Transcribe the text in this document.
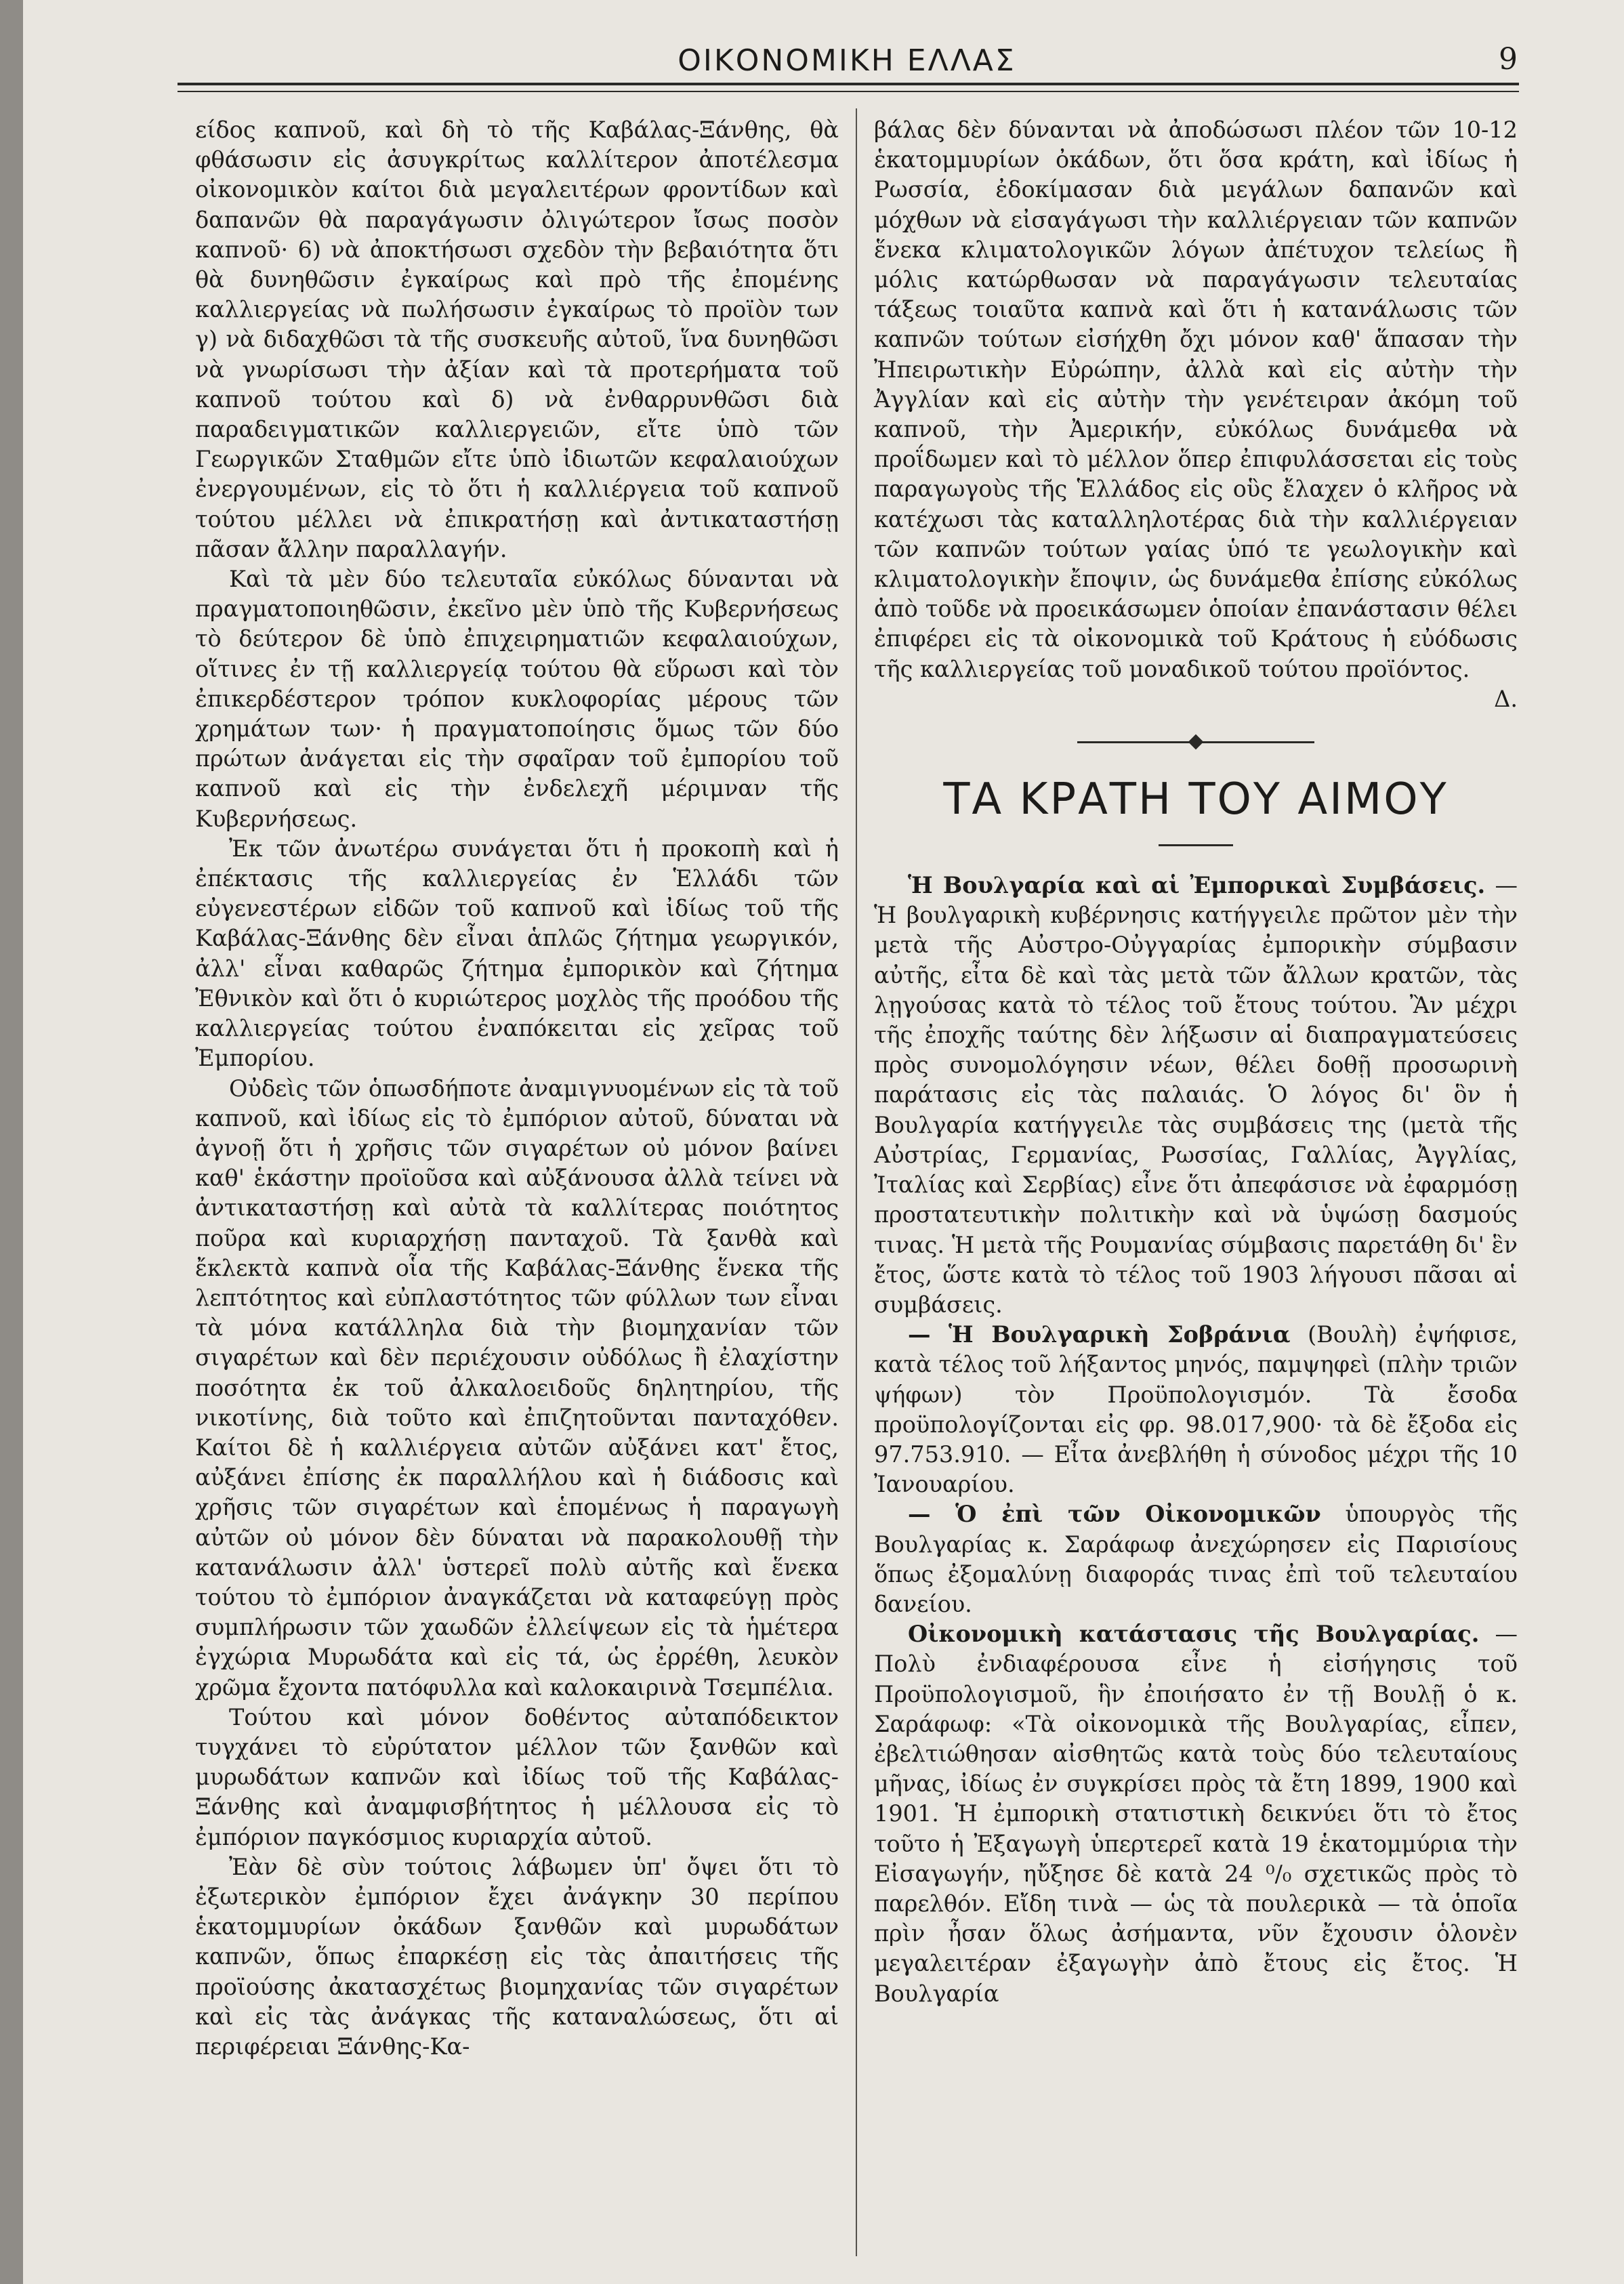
ΟΙΚΟΝΟΜΙΚΗ ΕΛΛΑΣ	9

είδος καπνοῦ, καὶ δὴ τὸ τῆς Καβάλας-Ξάνθης, θὰ φθάσωσιν εἰς ἀσυγκρίτως καλλίτερον ἀποτέλεσμα οἰκονομικὸν καίτοι διὰ μεγαλειτέρων φροντίδων καὶ δαπανῶν θὰ παραγάγωσιν ὀλιγώτερον ἴσως ποσὸν καπνοῦ· 6) νὰ ἀποκτήσωσι σχεδὸν τὴν βεβαιότητα ὅτι θὰ δυνηθῶσιν ἐγκαίρως καὶ πρὸ τῆς ἐπομένης καλλιεργείας νὰ πωλήσωσιν ἐγκαίρως τὸ προϊὸν των γ) νὰ διδαχθῶσι τὰ τῆς συσκευῆς αὐτοῦ, ἵνα δυνηθῶσι νὰ γνωρίσωσι τὴν ἀξίαν καὶ τὰ προτερήματα τοῦ καπνοῦ τούτου καὶ δ) νὰ ἐνθαρρυνθῶσι διὰ παραδειγματικῶν καλλιεργειῶν, εἴτε ὑπὸ τῶν Γεωργικῶν Σταθμῶν εἴτε ὑπὸ ἰδιωτῶν κεφαλαιούχων ἐνεργουμένων, εἰς τὸ ὅτι ἡ καλλιέργεια τοῦ καπνοῦ τούτου μέλλει νὰ ἐπικρατήσῃ καὶ ἀντικαταστήσῃ πᾶσαν ἄλλην παραλλαγήν.

Καὶ τὰ μὲν δύο τελευταῖα εὐκόλως δύνανται νὰ πραγματοποιηθῶσιν, ἐκεῖνο μὲν ὑπὸ τῆς Κυβερνήσεως τὸ δεύτερον δὲ ὑπὸ ἐπιχειρηματιῶν κεφαλαιούχων, οἵτινες ἐν τῇ καλλιεργείᾳ τούτου θὰ εὕρωσι καὶ τὸν ἐπικερδέστερον τρόπον κυκλοφορίας μέρους τῶν χρημάτων των· ἡ πραγματοποίησις ὅμως τῶν δύο πρώτων ἀνάγεται εἰς τὴν σφαῖραν τοῦ ἐμπορίου τοῦ καπνοῦ καὶ εἰς τὴν ἐνδελεχῆ μέριμναν τῆς Κυβερνήσεως.

Ἐκ τῶν ἀνωτέρω συνάγεται ὅτι ἡ προκοπὴ καὶ ἡ ἐπέκτασις τῆς καλλιεργείας ἐν Ἑλλάδι τῶν εὐγενεστέρων εἰδῶν τοῦ καπνοῦ καὶ ἰδίως τοῦ τῆς Καβάλας-Ξάνθης δὲν εἶναι ἁπλῶς ζήτημα γεωργικόν, ἀλλ' εἶναι καθαρῶς ζήτημα ἐμπορικὸν καὶ ζήτημα Ἐθνικὸν καὶ ὅτι ὁ κυριώτερος μοχλὸς τῆς προόδου τῆς καλλιεργείας τούτου ἐναπόκειται εἰς χεῖρας τοῦ Ἐμπορίου.

Οὐδεὶς τῶν ὁπωσδήποτε ἀναμιγνυομένων εἰς τὰ τοῦ καπνοῦ, καὶ ἰδίως εἰς τὸ ἐμπόριον αὐτοῦ, δύναται νὰ ἀγνοῇ ὅτι ἡ χρῆσις τῶν σιγαρέτων οὐ μόνον βαίνει καθ' ἑκάστην προϊοῦσα καὶ αὐξάνουσα ἀλλὰ τείνει νὰ ἀντικαταστήσῃ καὶ αὐτὰ τὰ καλλίτερας ποιότητος ποῦρα καὶ κυριαρχήσῃ πανταχοῦ. Τὰ ξανθὰ καὶ ἔκλεκτὰ καπνὰ οἷα τῆς Καβάλας-Ξάνθης ἕνεκα τῆς λεπτότητος καὶ εὐπλαστότητος τῶν φύλλων των εἶναι τὰ μόνα κατάλληλα διὰ τὴν βιομηχανίαν τῶν σιγαρέτων καὶ δὲν περιέχουσιν οὐδόλως ἢ ἐλαχίστην ποσότητα ἐκ τοῦ ἀλκαλοειδοῦς δηλητηρίου, τῆς νικοτίνης, διὰ τοῦτο καὶ ἐπιζητοῦνται πανταχόθεν. Καίτοι δὲ ἡ καλλιέργεια αὐτῶν αὐξάνει κατ' ἔτος, αὐξάνει ἐπίσης ἐκ παραλλήλου καὶ ἡ διάδοσις καὶ χρῆσις τῶν σιγαρέτων καὶ ἑπομένως ἡ παραγωγὴ αὐτῶν οὐ μόνον δὲν δύναται νὰ παρακολουθῇ τὴν κατανάλωσιν ἀλλ' ὑστερεῖ πολὺ αὐτῆς καὶ ἕνεκα τούτου τὸ ἐμπόριον ἀναγκάζεται νὰ καταφεύγῃ πρὸς συμπλήρωσιν τῶν χαωδῶν ἐλλείψεων εἰς τὰ ἡμέτερα ἐγχώρια Μυρωδάτα καὶ εἰς τά, ὡς ἐρρέθη, λευκὸν χρῶμα ἔχοντα πατόφυλλα καὶ καλοκαιρινὰ Τσεμπέλια.

Τούτου καὶ μόνον δοθέντος αὐταπόδεικτον τυγχάνει τὸ εὐρύτατον μέλλον τῶν ξανθῶν καὶ μυρωδάτων καπνῶν καὶ ἰδίως τοῦ τῆς Καβάλας-Ξάνθης καὶ ἀναμφισβήτητος ἡ μέλλουσα εἰς τὸ ἐμπόριον παγκόσμιος κυριαρχία αὐτοῦ.

Ἐὰν δὲ σὺν τούτοις λάβωμεν ὑπ' ὄψει ὅτι τὸ ἐξωτερικὸν ἐμπόριον ἔχει ἀνάγκην 30 περίπου ἑκατομμυρίων ὀκάδων ξανθῶν καὶ μυρωδάτων καπνῶν, ὅπως ἐπαρκέσῃ εἰς τὰς ἀπαιτήσεις τῆς προϊούσης ἀκατασχέτως βιομηχανίας τῶν σιγαρέτων καὶ εἰς τὰς ἀνάγκας τῆς καταναλώσεως, ὅτι αἱ περιφέρειαι Ξάνθης-Κα-

βάλας δὲν δύνανται νὰ ἀποδώσωσι πλέον τῶν 10-12 ἑκατομμυρίων ὀκάδων, ὅτι ὅσα κράτη, καὶ ἰδίως ἡ Ρωσσία, ἐδοκίμασαν διὰ μεγάλων δαπανῶν καὶ μόχθων νὰ εἰσαγάγωσι τὴν καλλιέργειαν τῶν καπνῶν ἕνεκα κλιματολογικῶν λόγων ἀπέτυχον τελείως ἢ μόλις κατώρθωσαν νὰ παραγάγωσιν τελευταίας τάξεως τοιαῦτα καπνὰ καὶ ὅτι ἡ κατανάλωσις τῶν καπνῶν τούτων εἰσήχθη ὄχι μόνον καθ' ἅπασαν τὴν Ἠπειρωτικὴν Εὐρώπην, ἀλλὰ καὶ εἰς αὐτὴν τὴν Ἀγγλίαν καὶ εἰς αὐτὴν τὴν γενέτειραν ἀκόμη τοῦ καπνοῦ, τὴν Ἀμερικήν, εὐκόλως δυνάμεθα νὰ προΐδωμεν καὶ τὸ μέλλον ὅπερ ἐπιφυλάσσεται εἰς τοὺς παραγωγοὺς τῆς Ἑλλάδος εἰς οὓς ἔλαχεν ὁ κλῆρος νὰ κατέχωσι τὰς καταλληλοτέρας διὰ τὴν καλλιέργειαν τῶν καπνῶν τούτων γαίας ὑπό τε γεωλογικὴν καὶ κλιματολογικὴν ἔποψιν, ὡς δυνάμεθα ἐπίσης εὐκόλως ἀπὸ τοῦδε νὰ προεικάσωμεν ὁποίαν ἐπανάστασιν θέλει ἐπιφέρει εἰς τὰ οἰκονομικὰ τοῦ Κράτους ἡ εὐόδωσις τῆς καλλιεργείας τοῦ μοναδικοῦ τούτου προϊόντος.

Δ.
ΤΑ ΚΡΑΤΗ ΤΟΥ ΑΙΜΟΥ

Ἡ Βουλγαρία καὶ αἱ Ἐμπορικαὶ Συμβάσεις. — Ἡ βουλγαρικὴ κυβέρνησις κατήγγειλε πρῶτον μὲν τὴν μετὰ τῆς Αὐστρο-Οὐγγαρίας ἐμπορικὴν σύμβασιν αὐτῆς, εἶτα δὲ καὶ τὰς μετὰ τῶν ἄλλων κρατῶν, τὰς λῃγούσας κατὰ τὸ τέλος τοῦ ἔτους τούτου. Ἂν μέχρι τῆς ἐποχῆς ταύτης δὲν λήξωσιν αἱ διαπραγματεύσεις πρὸς συνομολόγησιν νέων, θέλει δοθῇ προσωρινὴ παράτασις εἰς τὰς παλαιάς. Ὁ λόγος δι' ὃν ἡ Βουλγαρία κατήγγειλε τὰς συμβάσεις της (μετὰ τῆς Αὐστρίας, Γερμανίας, Ρωσσίας, Γαλλίας, Ἀγγλίας, Ἰταλίας καὶ Σερβίας) εἶνε ὅτι ἀπεφάσισε νὰ ἐφαρμόσῃ προστατευτικὴν πολιτικὴν καὶ νὰ ὑψώσῃ δασμούς τινας. Ἡ μετὰ τῆς Ρουμανίας σύμβασις παρετάθη δι' ἓν ἔτος, ὥστε κατὰ τὸ τέλος τοῦ 1903 λήγουσι πᾶσαι αἱ συμβάσεις.

— Ἡ Βουλγαρικὴ Σοβράνια (Βουλὴ) ἐψήφισε, κατὰ τέλος τοῦ λήξαντος μηνός, παμψηφεὶ (πλὴν τριῶν ψήφων) τὸν Προϋπολογισμόν. Τὰ ἔσοδα προϋπολογίζονται εἰς φρ. 98.017,900· τὰ δὲ ἔξοδα εἰς 97.753.910. — Εἶτα ἀνεβλήθη ἡ σύνοδος μέχρι τῆς 10 Ἰανουαρίου.

— Ὁ ἐπὶ τῶν Οἰκονομικῶν ὑπουργὸς τῆς Βουλγαρίας κ. Σαράφωφ ἀνεχώρησεν εἰς Παρισίους ὅπως ἐξομαλύνῃ διαφοράς τινας ἐπὶ τοῦ τελευταίου δανείου.

Οἰκονομικὴ κατάστασις τῆς Βουλγαρίας. — Πολὺ ἐνδιαφέρουσα εἶνε ἡ εἰσήγησις τοῦ Προϋπολογισμοῦ, ἣν ἐποιήσατο ἐν τῇ Βουλῇ ὁ κ. Σαράφωφ: «Τὰ οἰκονομικὰ τῆς Βουλγαρίας, εἶπεν, ἐβελτιώθησαν αἰσθητῶς κατὰ τοὺς δύο τελευταίους μῆνας, ἰδίως ἐν συγκρίσει πρὸς τὰ ἔτη 1899, 1900 καὶ 1901. Ἡ ἐμπορικὴ στατιστικὴ δεικνύει ὅτι τὸ ἔτος τοῦτο ἡ Ἐξαγωγὴ ὑπερτερεῖ κατὰ 19 ἑκατομμύρια τὴν Εἰσαγωγήν, ηὔξησε δὲ κατὰ 24 ⁰/₀ σχετικῶς πρὸς τὸ παρελθόν. Εἴδη τινὰ — ὡς τὰ πουλερικὰ — τὰ ὁποῖα πρὶν ἦσαν ὅλως ἀσήμαντα, νῦν ἔχουσιν ὁλονὲν μεγαλειτέραν ἐξαγωγὴν ἀπὸ ἔτους εἰς ἔτος. Ἡ Βουλγαρία
